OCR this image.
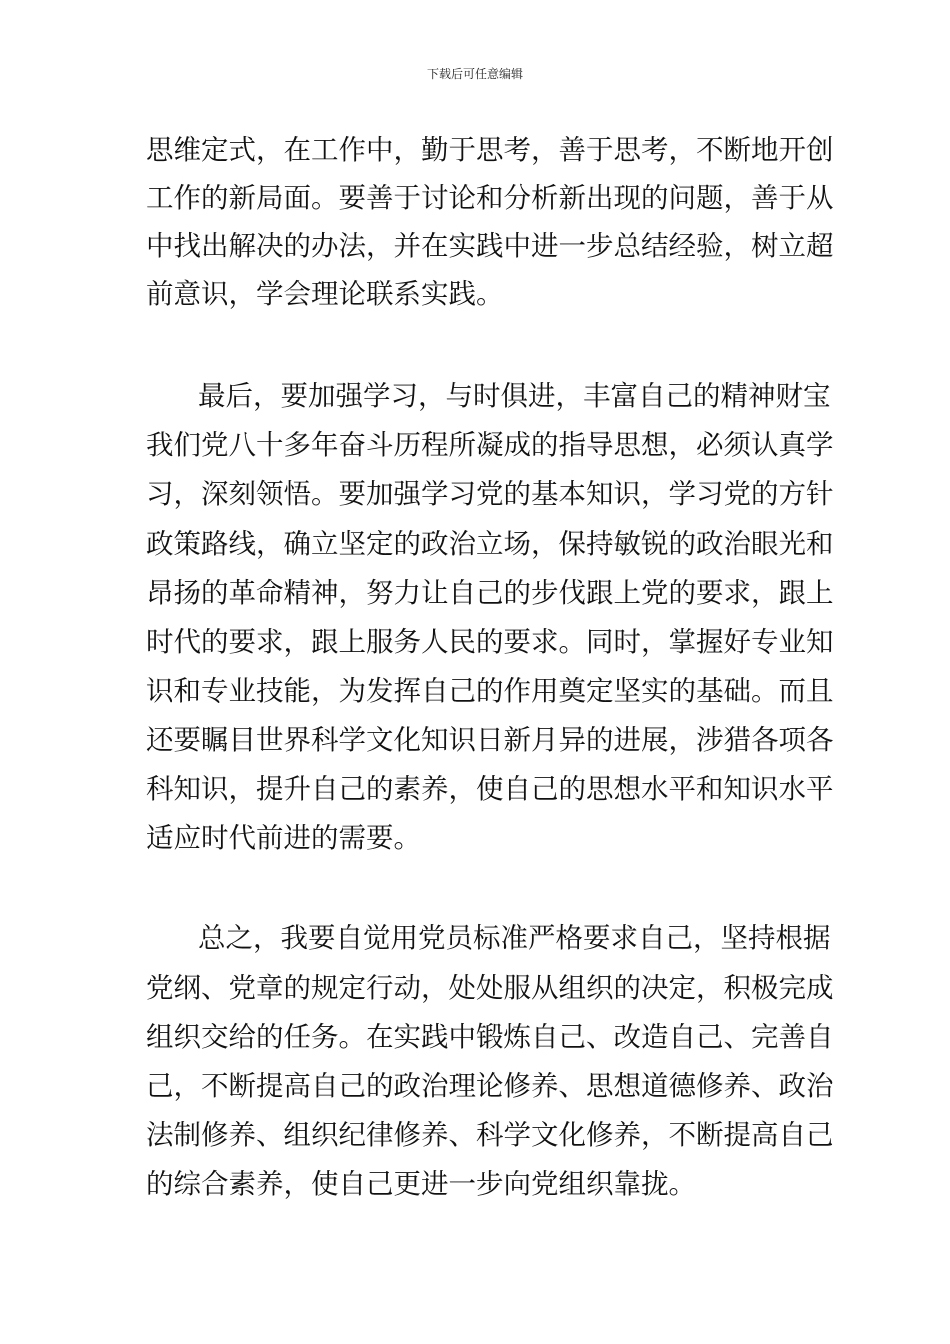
下载后可任意编辑
思维定式，在工作中，勤于思考，善于思考，不断地开创
工作的新局面。要善于讨论和分析新出现的问题，善于从
中找出解决的办法，并在实践中进一步总结经验，树立超
前意识，学会理论联系实践。
最后，要加强学习，与时俱进，丰富自己的精神财宝
我们党八十多年奋斗历程所凝成的指导思想，必须认真学
习，深刻领悟。要加强学习党的基本知识，学习党的方针
政策路线，确立坚定的政治立场，保持敏锐的政治眼光和
昂扬的革命精神，努力让自己的步伐跟上党的要求，跟上
时代的要求，跟上服务人民的要求。同时，掌握好专业知
识和专业技能，为发挥自己的作用奠定坚实的基础。而且
还要瞩目世界科学文化知识日新月异的进展，涉猎各项各
科知识，提升自己的素养，使自己的思想水平和知识水平
适应时代前进的需要。
总之，我要自觉用党员标准严格要求自己，坚持根据
党纲、党章的规定行动，处处服从组织的决定，积极完成
组织交给的任务。在实践中锻炼自己、改造自己、完善自
己，不断提高自己的政治理论修养、思想道德修养、政治
法制修养、组织纪律修养、科学文化修养，不断提高自己
的综合素养，使自己更进一步向党组织靠拢。
